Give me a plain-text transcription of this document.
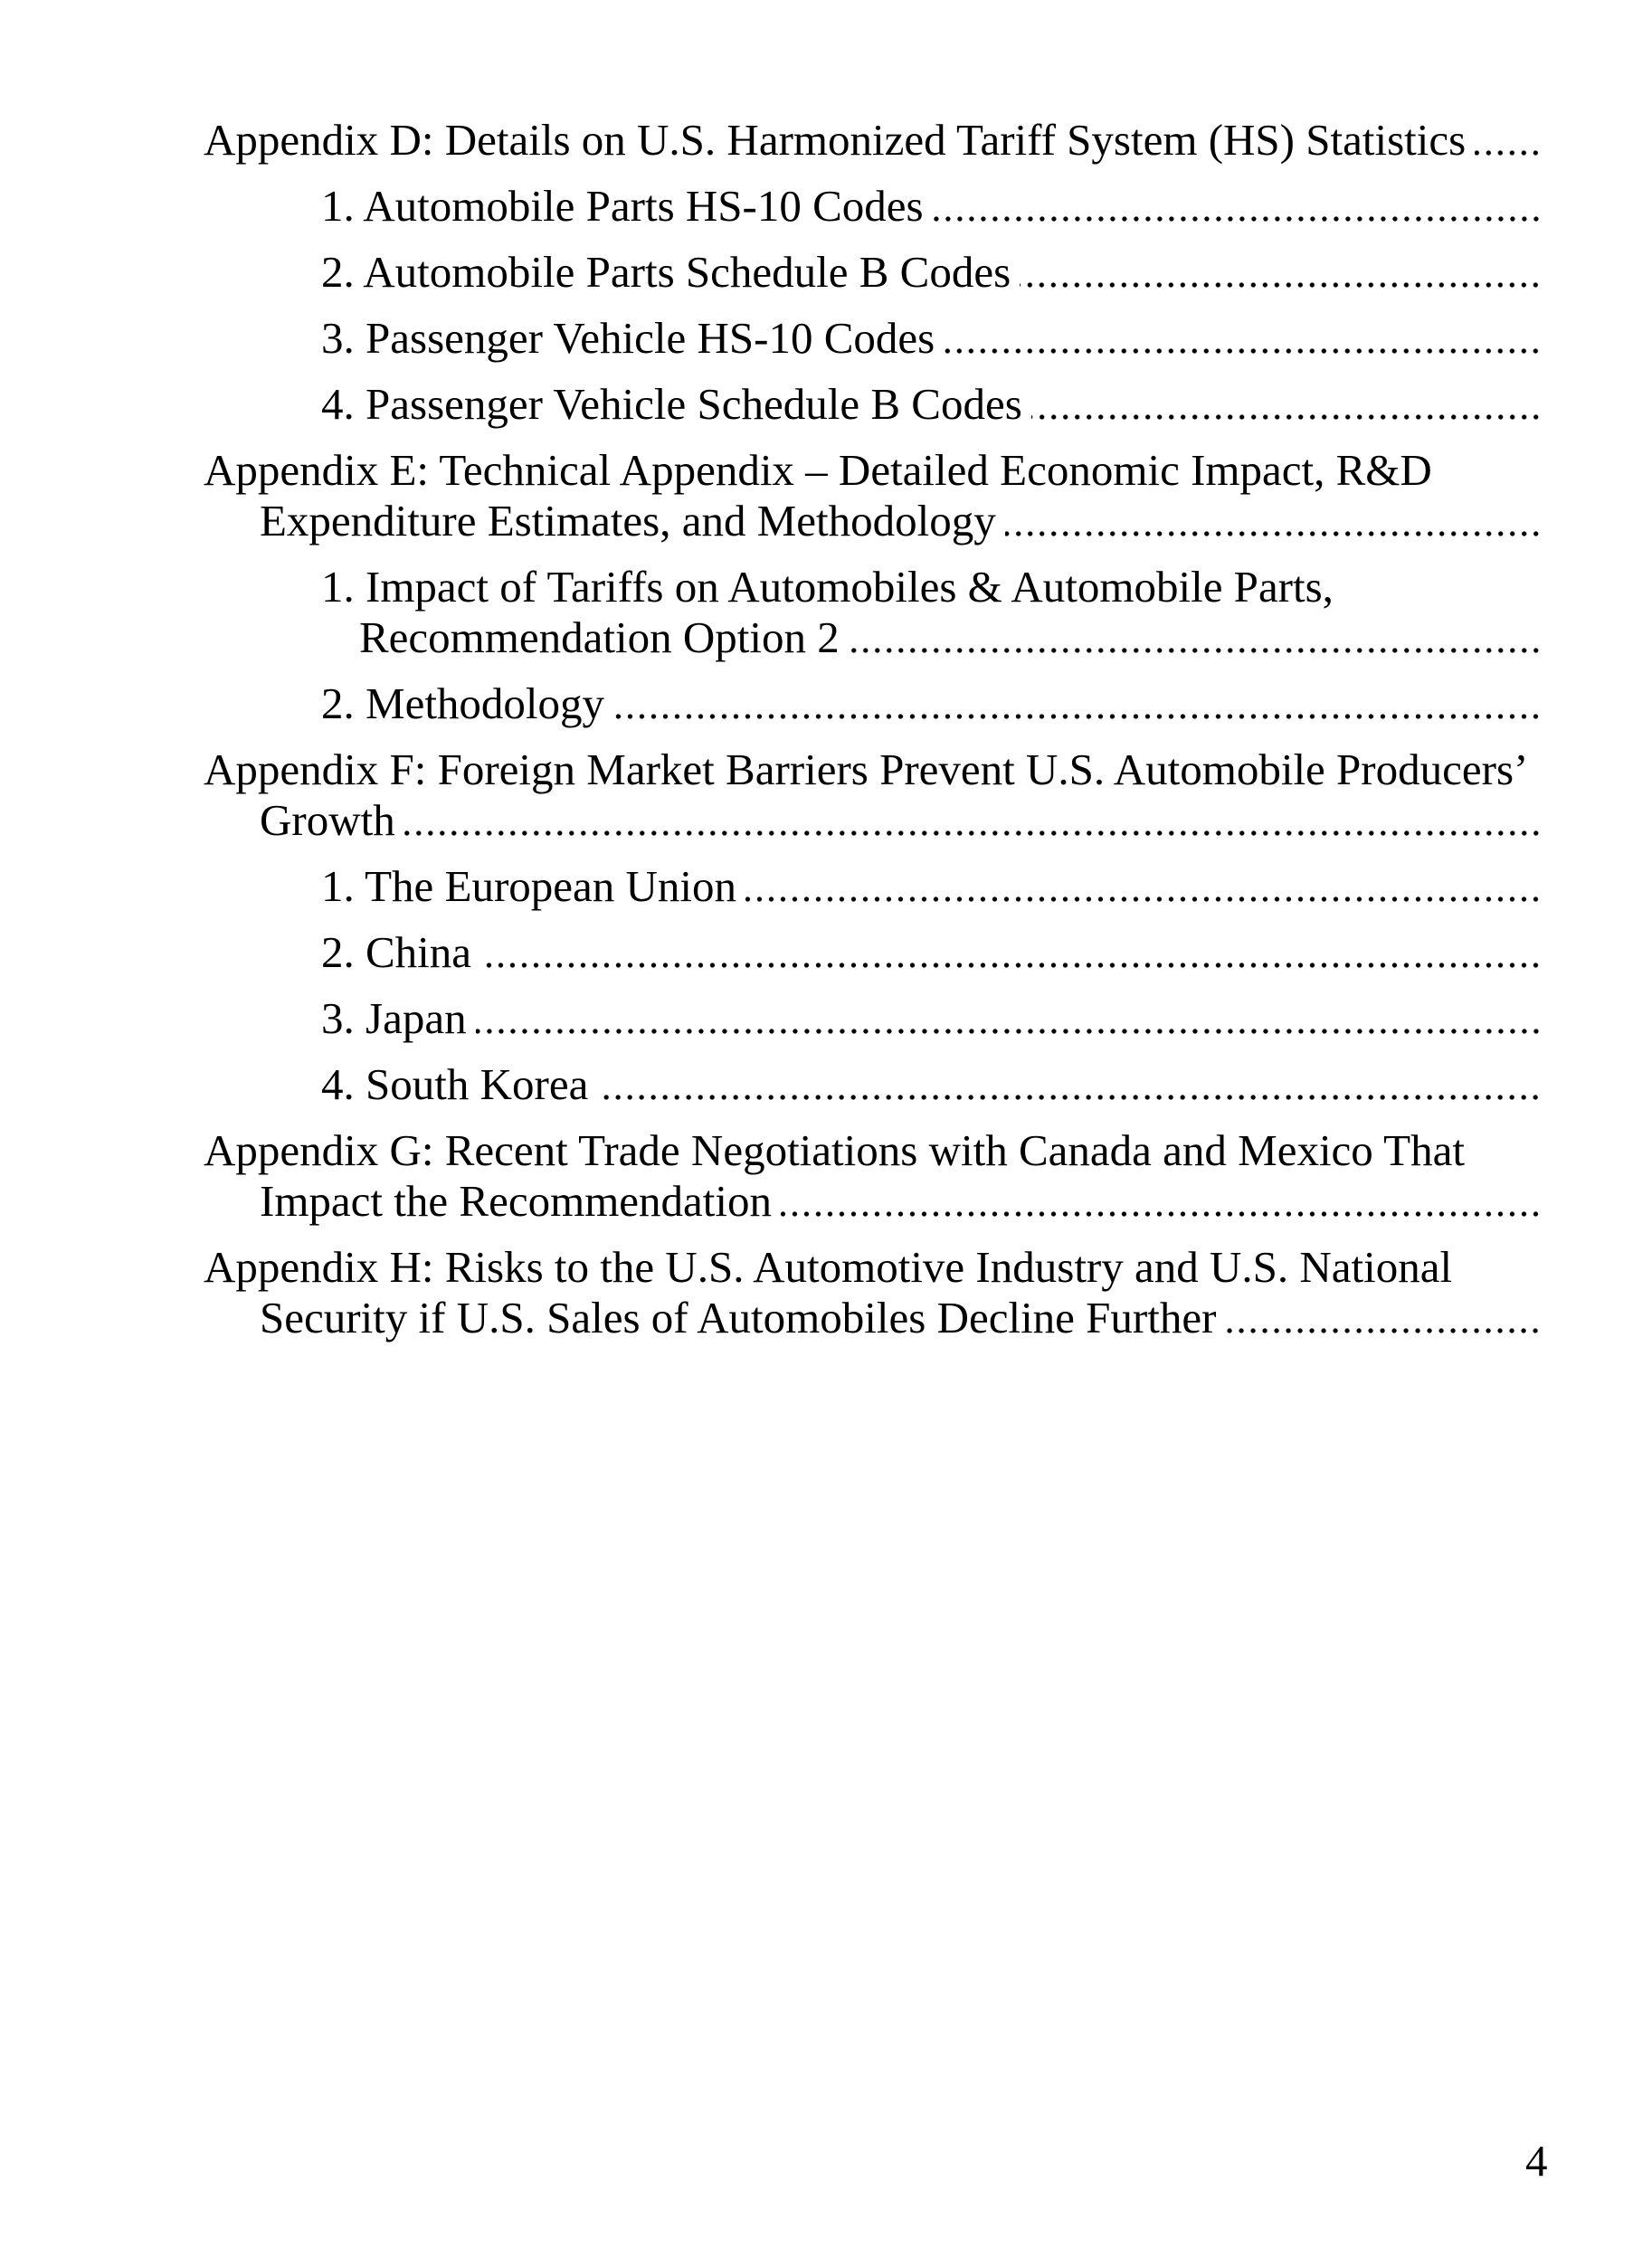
Appendix D: Details on U.S. Harmonized Tariff System (HS) Statistics
1. Automobile Parts HS-10 Codes
2. Automobile Parts Schedule B Codes
3. Passenger Vehicle HS-10 Codes
4. Passenger Vehicle Schedule B Codes
Appendix E: Technical Appendix – Detailed Economic Impact, R&D
Expenditure Estimates, and Methodology
1. Impact of Tariffs on Automobiles & Automobile Parts,
Recommendation Option 2
2. Methodology
Appendix F: Foreign Market Barriers Prevent U.S. Automobile Producers’
Growth
1. The European Union
2. China
3. Japan
4. South Korea
Appendix G: Recent Trade Negotiations with Canada and Mexico That
Impact the Recommendation
Appendix H: Risks to the U.S. Automotive Industry and U.S. National
Security if U.S. Sales of Automobiles Decline Further
4
